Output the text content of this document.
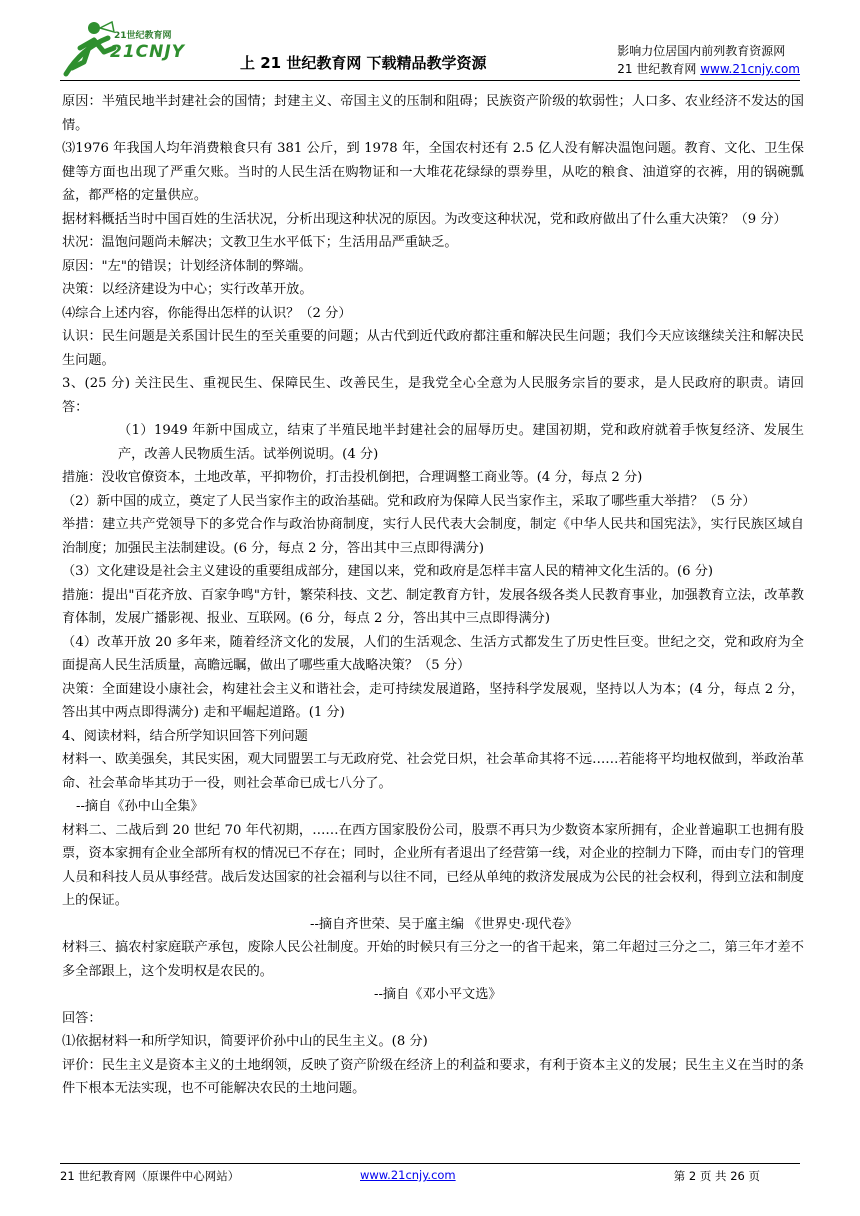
21世纪教育网
21CNJY
上 21 世纪教育网 下载精品教学资源
影响力位居国内前列教育资源网
21 世纪教育网 www.21cnjy.com

原因：半殖民地半封建社会的国情；封建主义、帝国主义的压制和阻碍；民族资产阶级的软弱性；人口多、农业经济不发达的国情。

⑶1976 年我国人均年消费粮食只有 381 公斤，到 1978 年，全国农村还有 2.5 亿人没有解决温饱问题。教育、文化、卫生保健等方面也出现了严重欠账。当时的人民生活在购物证和一大堆花花绿绿的票券里，从吃的粮食、油道穿的衣裤，用的锅碗瓢盆，都严格的定量供应。

据材料概括当时中国百姓的生活状况，分析出现这种状况的原因。为改变这种状况，党和政府做出了什么重大决策？（9 分）

状况：温饱问题尚未解决；文教卫生水平低下；生活用品严重缺乏。

原因："左"的错误；计划经济体制的弊端。

决策：以经济建设为中心；实行改革开放。

⑷综合上述内容，你能得出怎样的认识？（2 分）

认识：民生问题是关系国计民生的至关重要的问题；从古代到近代政府都注重和解决民生问题；我们今天应该继续关注和解决民生问题。

3、(25 分) 关注民生、重视民生、保障民生、改善民生，是我党全心全意为人民服务宗旨的要求，是人民政府的职责。请回答：

（1）1949 年新中国成立，结束了半殖民地半封建社会的屈辱历史。建国初期，党和政府就着手恢复经济、发展生产，改善人民物质生活。试举例说明。(4 分)

措施：没收官僚资本，土地改革，平抑物价，打击投机倒把，合理调整工商业等。(4 分，每点 2 分)

（2）新中国的成立，奠定了人民当家作主的政治基础。党和政府为保障人民当家作主，采取了哪些重大举措？（5 分）

举措：建立共产党领导下的多党合作与政治协商制度，实行人民代表大会制度，制定《中华人民共和国宪法》，实行民族区域自治制度；加强民主法制建设。(6 分，每点 2 分，答出其中三点即得满分)

（3）文化建设是社会主义建设的重要组成部分，建国以来，党和政府是怎样丰富人民的精神文化生活的。(6 分)

措施：提出"百花齐放、百家争鸣"方针，繁荣科技、文艺、制定教育方针，发展各级各类人民教育事业，加强教育立法，改革教育体制，发展广播影视、报业、互联网。(6 分，每点 2 分，答出其中三点即得满分)

（4）改革开放 20 多年来，随着经济文化的发展，人们的生活观念、生活方式都发生了历史性巨变。世纪之交，党和政府为全面提高人民生活质量，高瞻远瞩，做出了哪些重大战略决策？（5 分）

决策：全面建设小康社会，构建社会主义和谐社会，走可持续发展道路，坚持科学发展观，坚持以人为本；(4 分，每点 2 分，答出其中两点即得满分) 走和平崛起道路。(1 分)

4、阅读材料，结合所学知识回答下列问题

材料一、欧美强矣，其民实困，观大同盟罢工与无政府党、社会党日炽，社会革命其将不远……若能将平均地权做到，举政治革命、社会革命毕其功于一役，则社会革命已成七八分了。

--摘自《孙中山全集》

材料二、二战后到 20 世纪 70 年代初期，……在西方国家股份公司，股票不再只为少数资本家所拥有，企业普遍职工也拥有股票，资本家拥有企业全部所有权的情况已不存在；同时，企业所有者退出了经营第一线，对企业的控制力下降，而由专门的管理人员和科技人员从事经营。战后发达国家的社会福利与以往不同，已经从单纯的救济发展成为公民的社会权利，得到立法和制度上的保证。

--摘自齐世荣、吴于廑主编 《世界史·现代卷》

材料三、搞农村家庭联产承包，废除人民公社制度。开始的时候只有三分之一的省干起来，第二年超过三分之二，第三年才差不多全部跟上，这个发明权是农民的。

--摘自《邓小平文选》

回答：

⑴依据材料一和所学知识，简要评价孙中山的民生主义。(8 分)

评价：民生主义是资本主义的土地纲领，反映了资产阶级在经济上的利益和要求，有利于资本主义的发展；民生主义在当时的条件下根本无法实现，也不可能解决农民的土地问题。

21 世纪教育网（原课件中心网站）	www.21cnjy.com	第 2 页 共 26 页
